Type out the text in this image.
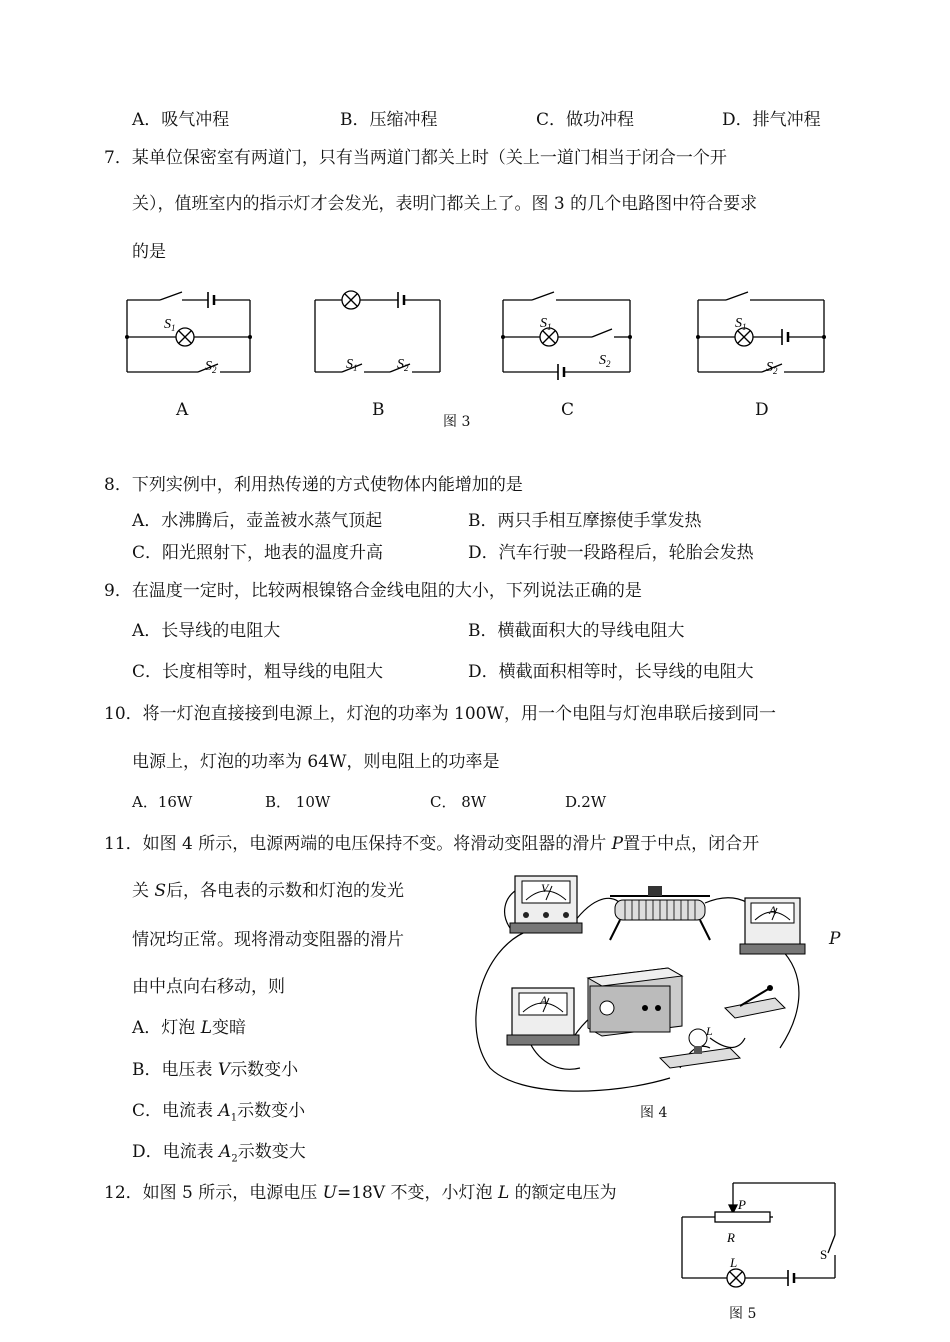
A．吸气冲程	B．压缩冲程	C．做功冲程	D．排气冲程
7．某单位保密室有两道门，只有当两道门都关上时（关上一道门相当于闭合一个开
关），值班室内的指示灯才会发光，表明门都关上了。图 3 的几个电路图中符合要求
的是
$S_1$
$S_2$	$S_1$	$S_2$
$S_1$
$S_2$
$S_1$
$S_2$
A	B
图 3
C	D
8．下列实例中，利用热传递的方式使物体内能增加的是
A．水沸腾后，壶盖被水蒸气顶起	B．两只手相互摩擦使手掌发热
C．阳光照射下，地表的温度升高	D．汽车行驶一段路程后，轮胎会发热
9．在温度一定时，比较两根镍铬合金线电阻的大小，下列说法正确的是
A．长导线的电阻大	B．横截面积大的导线电阻大
C．长度相等时，粗导线的电阻大	D．横截面积相等时，长导线的电阻大
10．将一灯泡直接接到电源上，灯泡的功率为 100W，用一个电阻与灯泡串联后接到同一
电源上，灯泡的功率为 64W，则电阻上的功率是
A．16W	B． 10W	C． 8W	D.2W
11．如图 4 所示，电源两端的电压保持不变。将滑动变阻器的滑片 P置于中点，闭合开
关 S后，各电表的示数和灯泡的发光
情况均正常。现将滑动变阻器的滑片
由中点向右移动，则
A．灯泡 L变暗
B．电压表 V示数变小
C．电流表 $A_1$示数变小
D．电流表 $A_2$示数变大
V
A
A
L
P
图 4
12．如图 5 所示，电源电压 U=18V 不变，小灯泡 L 的额定电压为
P
R
S
L
图 5
